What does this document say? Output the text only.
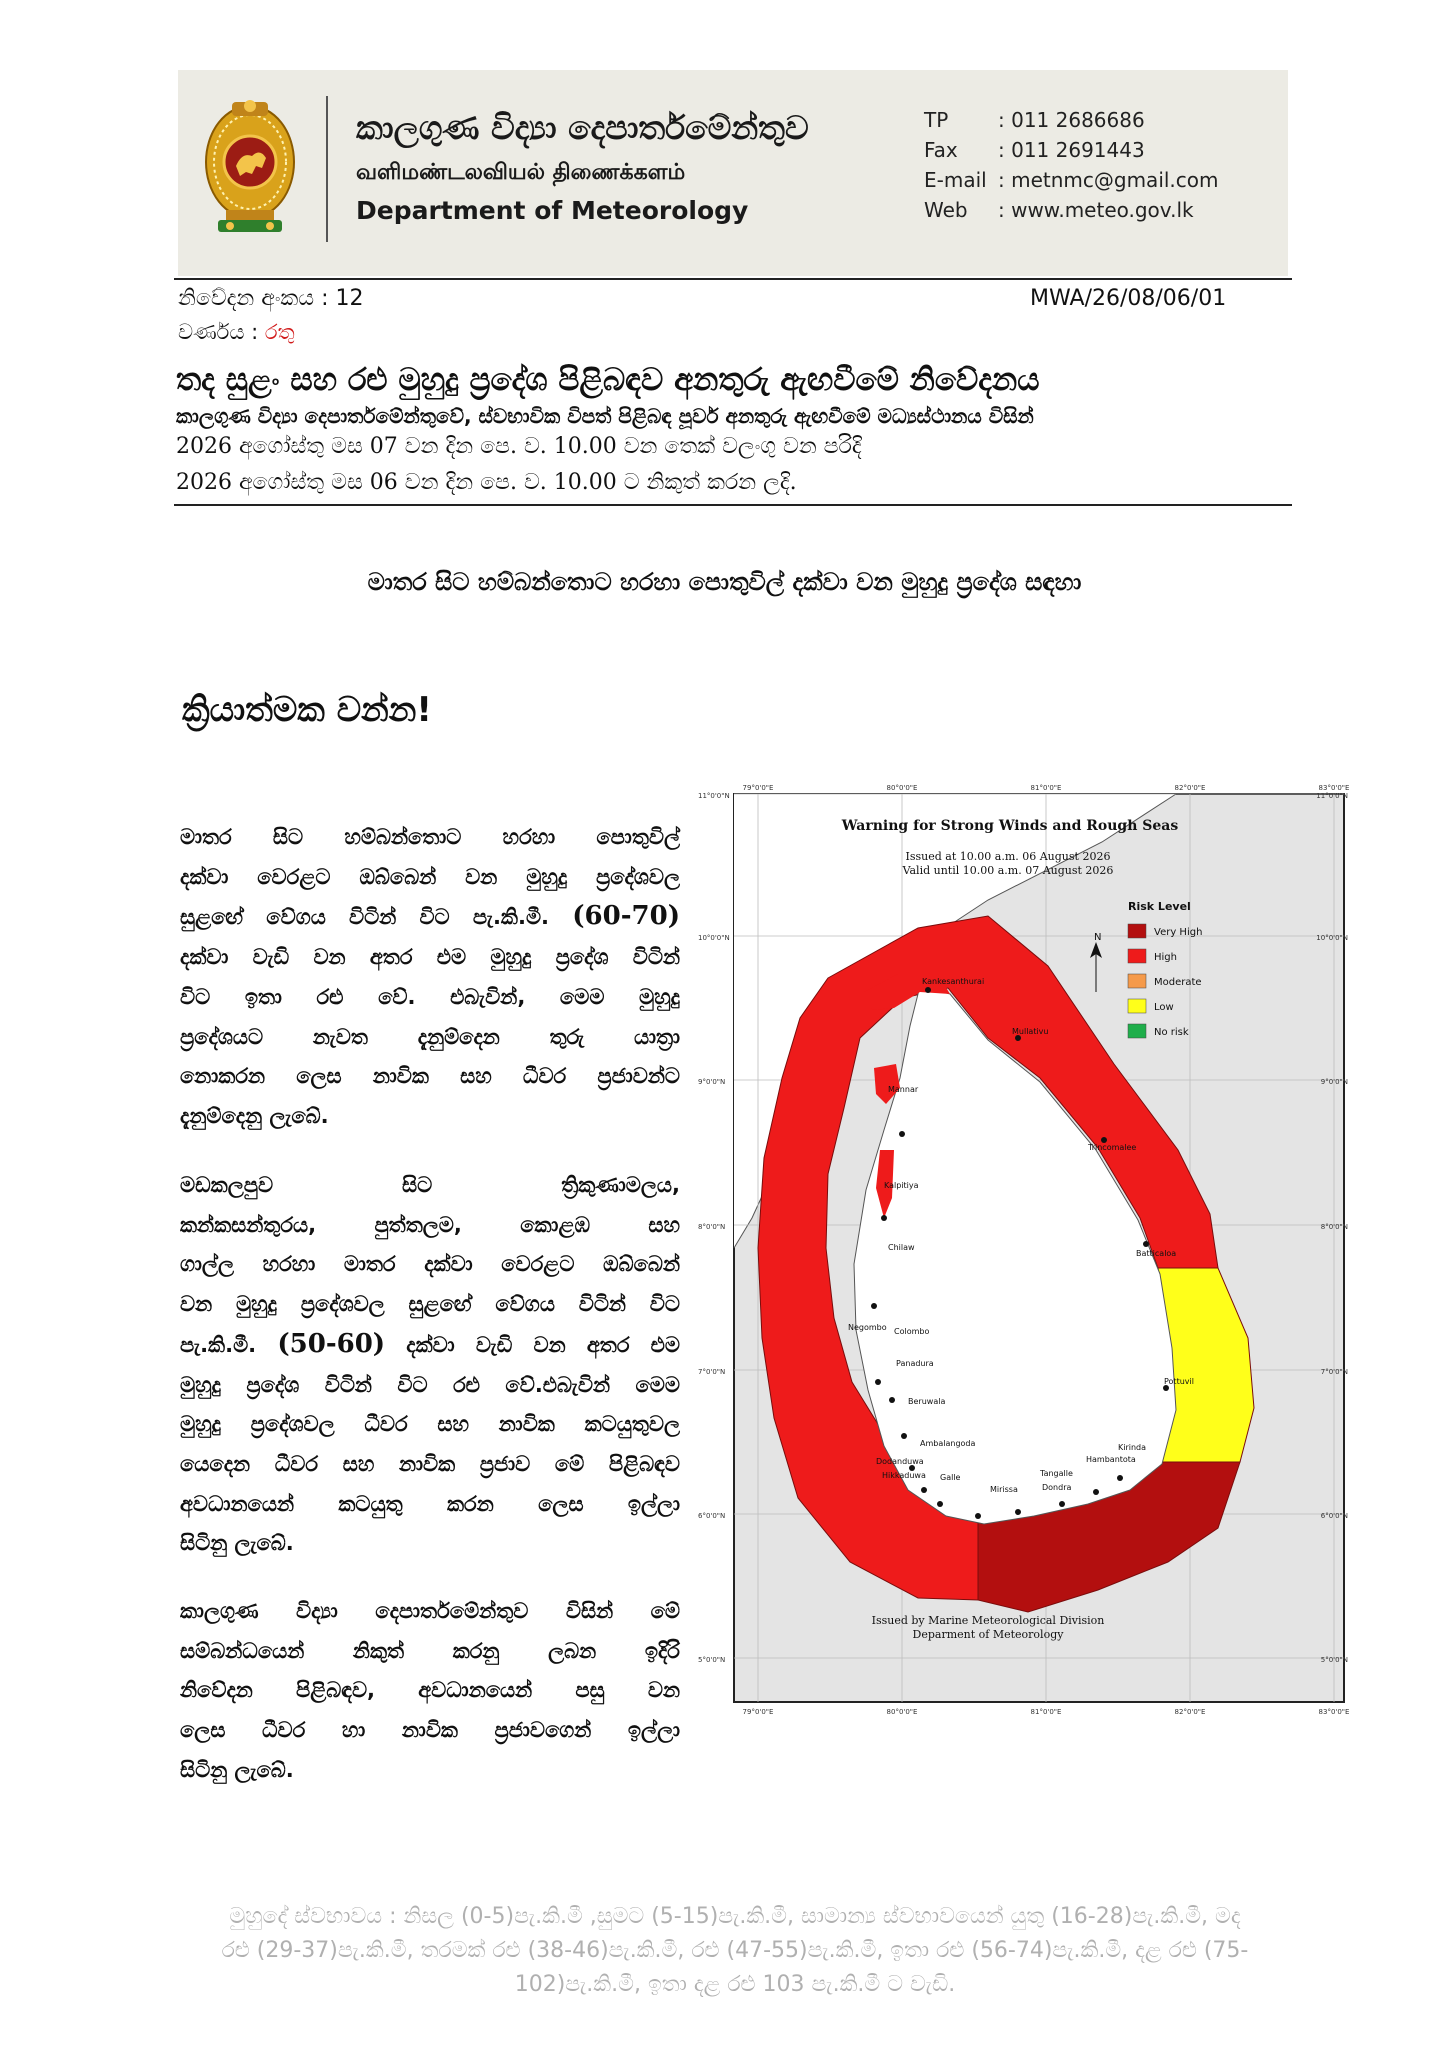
කාලගුණ විද්‍යා දෙපාර්තමේන්තුව
வளிமண்டலவியல் திணைக்களம்
Department of Meteorology
TP : 011 2686686
Fax : 011 2691443
E-mail : metnmc@gmail.com
Web : www.meteo.gov.lk
නිවේදන අංකය : 12	MWA/26/08/06/01
වර්ණය : රතු
තද සුළං සහ රළු මුහුදු ප්‍රදේශ පිළිබඳව අනතුරු ඇඟවීමේ නිවේදනය
කාලගුණ විද්‍යා දෙපාර්තමේන්තුවේ, ස්වභාවික විපත් පිළිබඳ පූර්ව අනතුරු ඇඟවීමේ මධ්‍යස්ථානය විසින්
2026 අගෝස්තු මස 07 වන දින පෙ. ව. 10.00 වන තෙක් වලංගු වන පරිදි
2026 අගෝස්තු මස 06 වන දින පෙ. ව. 10.00 ට නිකුත් කරන ලදි.
මාතර සිට හම්බන්තොට හරහා පොතුවිල් දක්වා වන මුහුදු ප්‍රදේශ සඳහා
ක්‍රියාත්මක වන්න!
මාතර සිට හම්බන්තොට හරහා පොතුවිල්
දක්වා වෙරළට ඔබ්බෙන් වන මුහුදු ප්‍රදේශවල
සුළඟේ වේගය විටින් විට පැ.කි.මී. (60-70)
දක්වා වැඩි වන අතර එම මුහුදු ප්‍රදේශ විටින්
විට ඉතා රළු වේ. එබැවින්, මෙම මුහුදු
ප්‍රදේශයට නැවත දැනුම්දෙන තුරු යාත්‍රා
නොකරන ලෙස නාවික සහ ධීවර ප්‍රජාවන්ට
දැනුම්දෙනු ලැබේ.
මඩකලපුව සිට ත්‍රිකුණාමලය,
කන්කසන්තුරය, පුත්තලම, කොළඹ සහ
ගාල්ල හරහා මාතර දක්වා වෙරළට ඔබ්බෙන්
වන මුහුදු ප්‍රදේශවල සුළඟේ වේගය විටින් විට
පැ.කි.මී. (50-60) දක්වා වැඩි වන අතර එම
මුහුදු ප්‍රදේශ විටින් විට රළු වේ.එබැවින් මෙම
මුහුදු ප්‍රදේශවල ධීවර සහ නාවික කටයුතුවල
යෙදෙන ධීවර සහ නාවික ප්‍රජාව මේ පිළිබඳව
අවධානයෙන් කටයුතු කරන ලෙස ඉල්ලා
සිටිනු ලැබේ.
කාලගුණ විද්‍යා දෙපාර්තමේන්තුව විසින් මේ
සම්බන්ධයෙන් නිකුත් කරනු ලබන ඉදිරි
නිවේදන පිළිබඳව, අවධානයෙන් පසු වන
ලෙස ධීවර හා නාවික ප්‍රජාවගෙන් ඉල්ලා
සිටිනු ලැබේ.
79°0'0"E	80°0'0"E	81°0'0"E	82°0'0"E	83°0'0"E
79°0'0"E	80°0'0"E	81°0'0"E	82°0'0"E	83°0'0"E
11°0'0"N
10°0'0"N
9°0'0"N
8°0'0"N
7°0'0"N
6°0'0"N
5°0'0"N
11°0'0"N
10°0'0"N
9°0'0"N
8°0'0"N
7°0'0"N
6°0'0"N
5°0'0"N
Kankesanthurai
Mullativu
Mannar
Trincomalee
Kalpitiya
Batticaloa
Chilaw
Negombo Colombo
Pottuvil
Panadura
Beruwala
Ambalangoda	Kirinda
Hambantota
Dodanduwa
Hikkaduwa Galle	Tangalle
Mirissa	Dondra
N
Warning for Strong Winds and Rough Seas
Issued at 10.00 a.m. 06 August 2026
Valid until 10.00 a.m. 07 August 2026
Issued by Marine Meteorological Division
Deparment of Meteorology
Risk Level
Very High
High
Moderate
Low
No risk
මුහුදේ ස්වභාවය : නිසල (0-5)පැ.කි.මී ,සුමට (5-15)පැ.කි.මී, සාමාන්‍ය ස්වභාවයෙන් යුතු (16-28)පැ.කි.මී, මද
රළු (29-37)පැ.කි.මී, තරමක් රළු (38-46)පැ.කි.මී, රළු (47-55)පැ.කි.මී, ඉතා රළු (56-74)පැ.කි.මී, දළ රළු (75-
102)පැ.කි.මී, ඉතා දළ රළු 103 පැ.කි.මී ට වැඩි.
